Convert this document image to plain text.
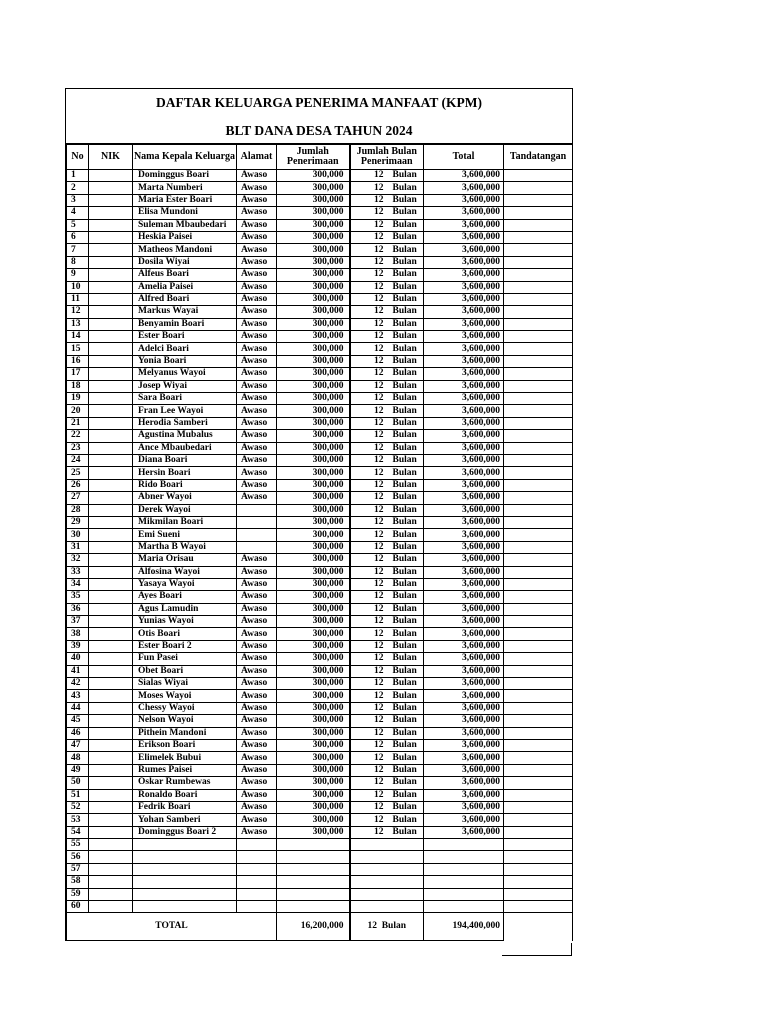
DAFTAR KELUARGA PENERIMA MANFAAT (KPM)
BLT DANA DESA TAHUN 2024
No	NIK	Nama Kepala Keluarga	Alamat	Jumlah Penerimaan	Jumlah Bulan Penerimaan		Total	Tandatangan
1		Dominggus Boari	Awaso	300,000	12	Bulan	3,600,000	
2		Marta Numberi	Awaso	300,000	12	Bulan	3,600,000	
3		Maria Ester Boari	Awaso	300,000	12	Bulan	3,600,000	
4		Elisa Mundoni	Awaso	300,000	12	Bulan	3,600,000	
5		Suleman Mbaubedari	Awaso	300,000	12	Bulan	3,600,000	
6		Heskia Paisei	Awaso	300,000	12	Bulan	3,600,000	
7		Matheos Mandoni	Awaso	300,000	12	Bulan	3,600,000	
8		Dosila Wiyai	Awaso	300,000	12	Bulan	3,600,000	
9		Alfeus Boari	Awaso	300,000	12	Bulan	3,600,000	
10		Amelia Paisei	Awaso	300,000	12	Bulan	3,600,000	
11		Alfred Boari	Awaso	300,000	12	Bulan	3,600,000	
12		Markus Wayai	Awaso	300,000	12	Bulan	3,600,000	
13		Benyamin Boari	Awaso	300,000	12	Bulan	3,600,000	
14		Ester Boari	Awaso	300,000	12	Bulan	3,600,000	
15		Adelci Boari	Awaso	300,000	12	Bulan	3,600,000	
16		Yonia Boari	Awaso	300,000	12	Bulan	3,600,000	
17		Melyanus Wayoi	Awaso	300,000	12	Bulan	3,600,000	
18		Josep Wiyai	Awaso	300,000	12	Bulan	3,600,000	
19		Sara Boari	Awaso	300,000	12	Bulan	3,600,000	
20		Fran Lee Wayoi	Awaso	300,000	12	Bulan	3,600,000	
21		Herodia Samberi	Awaso	300,000	12	Bulan	3,600,000	
22		Agustina Mubalus	Awaso	300,000	12	Bulan	3,600,000	
23		Ance Mbaubedari	Awaso	300,000	12	Bulan	3,600,000	
24		Diana Boari	Awaso	300,000	12	Bulan	3,600,000	
25		Hersin Boari	Awaso	300,000	12	Bulan	3,600,000	
26		Rido Boari	Awaso	300,000	12	Bulan	3,600,000	
27		Abner Wayoi	Awaso	300,000	12	Bulan	3,600,000	
28		Derek Wayoi		300,000	12	Bulan	3,600,000	
29		Mikmilan Boari		300,000	12	Bulan	3,600,000	
30		Emi Sueni		300,000	12	Bulan	3,600,000	
31		Martha B Wayoi		300,000	12	Bulan	3,600,000	
32		Maria Orisau	Awaso	300,000	12	Bulan	3,600,000	
33		Alfosina Wayoi	Awaso	300,000	12	Bulan	3,600,000	
34		Yasaya Wayoi	Awaso	300,000	12	Bulan	3,600,000	
35		Ayes Boari	Awaso	300,000	12	Bulan	3,600,000	
36		Agus Lamudin	Awaso	300,000	12	Bulan	3,600,000	
37		Yunias Wayoi	Awaso	300,000	12	Bulan	3,600,000	
38		Otis Boari	Awaso	300,000	12	Bulan	3,600,000	
39		Ester Boari 2	Awaso	300,000	12	Bulan	3,600,000	
40		Fun Pasei	Awaso	300,000	12	Bulan	3,600,000	
41		Obet Boari	Awaso	300,000	12	Bulan	3,600,000	
42		Sialas Wiyai	Awaso	300,000	12	Bulan	3,600,000	
43		Moses Wayoi	Awaso	300,000	12	Bulan	3,600,000	
44		Chessy Wayoi	Awaso	300,000	12	Bulan	3,600,000	
45		Nelson Wayoi	Awaso	300,000	12	Bulan	3,600,000	
46		Pithein Mandoni	Awaso	300,000	12	Bulan	3,600,000	
47		Erikson Boari	Awaso	300,000	12	Bulan	3,600,000	
48		Elimelek Bubui	Awaso	300,000	12	Bulan	3,600,000	
49		Rumes Paisei	Awaso	300,000	12	Bulan	3,600,000	
50		Oskar Rumbewas	Awaso	300,000	12	Bulan	3,600,000	
51		Ronaldo Boari	Awaso	300,000	12	Bulan	3,600,000	
52		Fedrik Boari	Awaso	300,000	12	Bulan	3,600,000	
53		Yohan Samberi	Awaso	300,000	12	Bulan	3,600,000	
54		Dominggus Boari 2	Awaso	300,000	12	Bulan	3,600,000	
55								
56								
57								
58								
59								
60								
TOTAL				16,200,000	12 Bulan		194,400,000	
